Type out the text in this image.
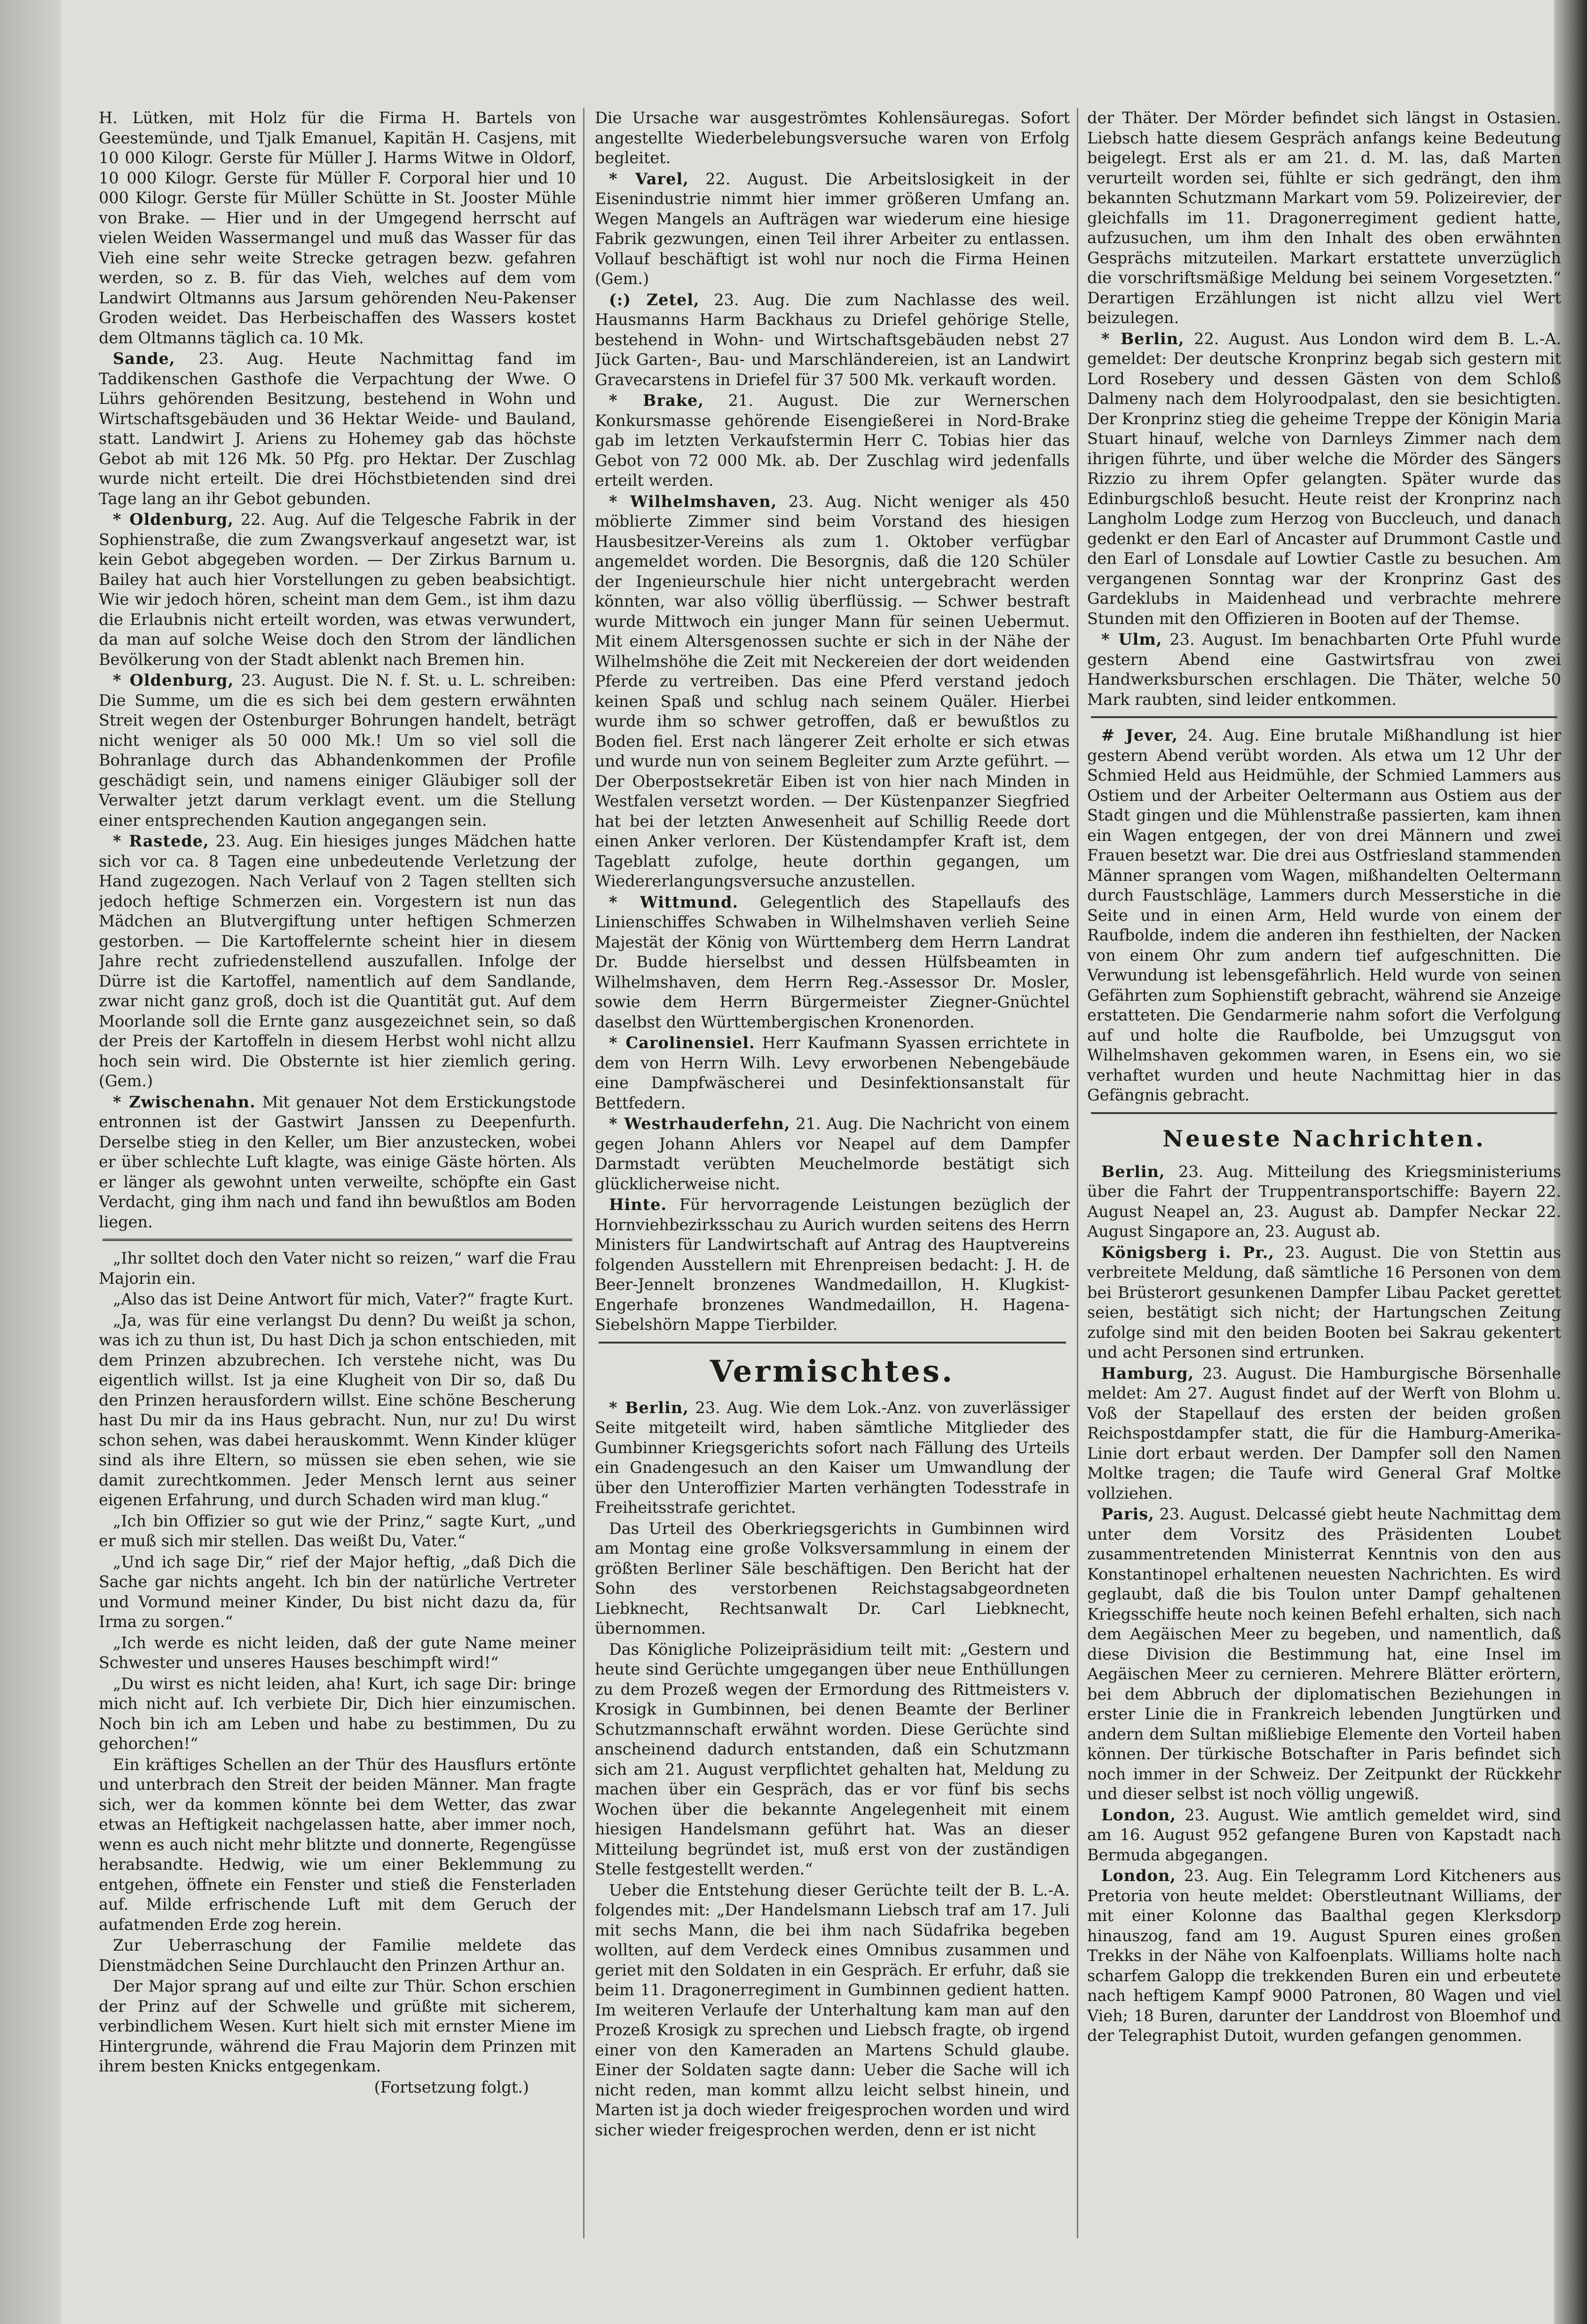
H. Lütken, mit Holz für die Firma H. Bartels von Geestemünde, und Tjalk Emanuel, Kapitän H. Casjens, mit 10 000 Kilogr. Gerste für Müller J. Harms Witwe in Oldorf, 10 000 Kilogr. Gerste für Müller F. Corporal hier und 10 000 Kilogr. Gerste für Müller Schütte in St. Jooster Mühle von Brake. — Hier und in der Umgegend herrscht auf vielen Weiden Wassermangel und muß das Wasser für das Vieh eine sehr weite Strecke getragen bezw. gefahren werden, so z. B. für das Vieh, welches auf dem vom Landwirt Oltmanns aus Jarsum gehörenden Neu-Pakenser Groden weidet. Das Herbeischaffen des Wassers kostet dem Oltmanns täglich ca. 10 Mk.

Sande, 23. Aug. Heute Nachmittag fand im Taddikenschen Gasthofe die Verpachtung der Wwe. O Lührs gehörenden Besitzung, bestehend in Wohn und Wirtschaftsgebäuden und 36 Hektar Weide- und Bauland, statt. Landwirt J. Ariens zu Hohemey gab das höchste Gebot ab mit 126 Mk. 50 Pfg. pro Hektar. Der Zuschlag wurde nicht erteilt. Die drei Höchstbietenden sind drei Tage lang an ihr Gebot gebunden.

* Oldenburg, 22. Aug. Auf die Telgesche Fabrik in der Sophienstraße, die zum Zwangsverkauf angesetzt war, ist kein Gebot abgegeben worden. — Der Zirkus Barnum u. Bailey hat auch hier Vorstellungen zu geben beabsichtigt. Wie wir jedoch hören, scheint man dem Gem., ist ihm dazu die Erlaubnis nicht erteilt worden, was etwas verwundert, da man auf solche Weise doch den Strom der ländlichen Bevölkerung von der Stadt ablenkt nach Bremen hin.

* Oldenburg, 23. August. Die N. f. St. u. L. schreiben: Die Summe, um die es sich bei dem gestern erwähnten Streit wegen der Ostenburger Bohrungen handelt, beträgt nicht weniger als 50 000 Mk.! Um so viel soll die Bohranlage durch das Abhandenkommen der Profile geschädigt sein, und namens einiger Gläubiger soll der Verwalter jetzt darum verklagt event. um die Stellung einer entsprechenden Kaution angegangen sein.

* Rastede, 23. Aug. Ein hiesiges junges Mädchen hatte sich vor ca. 8 Tagen eine unbedeutende Verletzung der Hand zugezogen. Nach Verlauf von 2 Tagen stellten sich jedoch heftige Schmerzen ein. Vorgestern ist nun das Mädchen an Blutvergiftung unter heftigen Schmerzen gestorben. — Die Kartoffelernte scheint hier in diesem Jahre recht zufriedenstellend auszufallen. Infolge der Dürre ist die Kartoffel, namentlich auf dem Sandlande, zwar nicht ganz groß, doch ist die Quantität gut. Auf dem Moorlande soll die Ernte ganz ausgezeichnet sein, so daß der Preis der Kartoffeln in diesem Herbst wohl nicht allzu hoch sein wird. Die Obsternte ist hier ziemlich gering. (Gem.)

* Zwischenahn. Mit genauer Not dem Erstickungstode entronnen ist der Gastwirt Janssen zu Deepenfurth. Derselbe stieg in den Keller, um Bier anzustecken, wobei er über schlechte Luft klagte, was einige Gäste hörten. Als er länger als gewohnt unten verweilte, schöpfte ein Gast Verdacht, ging ihm nach und fand ihn bewußtlos am Boden liegen.

„Ihr solltet doch den Vater nicht so reizen,“ warf die Frau Majorin ein.

„Also das ist Deine Antwort für mich, Vater?“ fragte Kurt.

„Ja, was für eine verlangst Du denn? Du weißt ja schon, was ich zu thun ist, Du hast Dich ja schon entschieden, mit dem Prinzen abzubrechen. Ich verstehe nicht, was Du eigentlich willst. Ist ja eine Klugheit von Dir so, daß Du den Prinzen herausfordern willst. Eine schöne Bescherung hast Du mir da ins Haus gebracht. Nun, nur zu! Du wirst schon sehen, was dabei herauskommt. Wenn Kinder klüger sind als ihre Eltern, so müssen sie eben sehen, wie sie damit zurechtkommen. Jeder Mensch lernt aus seiner eigenen Erfahrung, und durch Schaden wird man klug.“

„Ich bin Offizier so gut wie der Prinz,“ sagte Kurt, „und er muß sich mir stellen. Das weißt Du, Vater.“

„Und ich sage Dir,“ rief der Major heftig, „daß Dich die Sache gar nichts angeht. Ich bin der natürliche Vertreter und Vormund meiner Kinder, Du bist nicht dazu da, für Irma zu sorgen.“

„Ich werde es nicht leiden, daß der gute Name meiner Schwester und unseres Hauses beschimpft wird!“

„Du wirst es nicht leiden, aha! Kurt, ich sage Dir: bringe mich nicht auf. Ich verbiete Dir, Dich hier einzumischen. Noch bin ich am Leben und habe zu bestimmen, Du zu gehorchen!“

Ein kräftiges Schellen an der Thür des Hausflurs ertönte und unterbrach den Streit der beiden Männer. Man fragte sich, wer da kommen könnte bei dem Wetter, das zwar etwas an Heftigkeit nachgelassen hatte, aber immer noch, wenn es auch nicht mehr blitzte und donnerte, Regengüsse herabsandte. Hedwig, wie um einer Beklemmung zu entgehen, öffnete ein Fenster und stieß die Fensterladen auf. Milde erfrischende Luft mit dem Geruch der aufatmenden Erde zog herein.

Zur Ueberraschung der Familie meldete das Dienstmädchen Seine Durchlaucht den Prinzen Arthur an.

Der Major sprang auf und eilte zur Thür. Schon erschien der Prinz auf der Schwelle und grüßte mit sicherem, verbindlichem Wesen. Kurt hielt sich mit ernster Miene im Hintergrunde, während die Frau Majorin dem Prinzen mit ihrem besten Knicks entgegenkam.

(Fortsetzung folgt.)

Die Ursache war ausgeströmtes Kohlensäuregas. Sofort angestellte Wiederbelebungsversuche waren von Erfolg begleitet.

* Varel, 22. August. Die Arbeitslosigkeit in der Eisenindustrie nimmt hier immer größeren Umfang an. Wegen Mangels an Aufträgen war wiederum eine hiesige Fabrik gezwungen, einen Teil ihrer Arbeiter zu entlassen. Vollauf beschäftigt ist wohl nur noch die Firma Heinen (Gem.)

(:) Zetel, 23. Aug. Die zum Nachlasse des weil. Hausmanns Harm Backhaus zu Driefel gehörige Stelle, bestehend in Wohn- und Wirtschaftsgebäuden nebst 27 Jück Garten-, Bau- und Marschländereien, ist an Landwirt Gravecarstens in Driefel für 37 500 Mk. verkauft worden.

* Brake, 21. August. Die zur Wernerschen Konkursmasse gehörende Eisengießerei in Nord-Brake gab im letzten Verkaufstermin Herr C. Tobias hier das Gebot von 72 000 Mk. ab. Der Zuschlag wird jedenfalls erteilt werden.

* Wilhelmshaven, 23. Aug. Nicht weniger als 450 möblierte Zimmer sind beim Vorstand des hiesigen Hausbesitzer-Vereins als zum 1. Oktober verfügbar angemeldet worden. Die Besorgnis, daß die 120 Schüler der Ingenieurschule hier nicht untergebracht werden könnten, war also völlig überflüssig. — Schwer bestraft wurde Mittwoch ein junger Mann für seinen Uebermut. Mit einem Altersgenossen suchte er sich in der Nähe der Wilhelmshöhe die Zeit mit Neckereien der dort weidenden Pferde zu vertreiben. Das eine Pferd verstand jedoch keinen Spaß und schlug nach seinem Quäler. Hierbei wurde ihm so schwer getroffen, daß er bewußtlos zu Boden fiel. Erst nach längerer Zeit erholte er sich etwas und wurde nun von seinem Begleiter zum Arzte geführt. — Der Oberpostsekretär Eiben ist von hier nach Minden in Westfalen versetzt worden. — Der Küstenpanzer Siegfried hat bei der letzten Anwesenheit auf Schillig Reede dort einen Anker verloren. Der Küstendampfer Kraft ist, dem Tageblatt zufolge, heute dorthin gegangen, um Wiedererlangungsversuche anzustellen.

* Wittmund. Gelegentlich des Stapellaufs des Linienschiffes Schwaben in Wilhelmshaven verlieh Seine Majestät der König von Württemberg dem Herrn Landrat Dr. Budde hierselbst und dessen Hülfsbeamten in Wilhelmshaven, dem Herrn Reg.-Assessor Dr. Mosler, sowie dem Herrn Bürgermeister Ziegner-Gnüchtel daselbst den Württembergischen Kronenorden.

* Carolinensiel. Herr Kaufmann Syassen errichtete in dem von Herrn Wilh. Levy erworbenen Nebengebäude eine Dampfwäscherei und Desinfektionsanstalt für Bettfedern.

* Westrhauderfehn, 21. Aug. Die Nachricht von einem gegen Johann Ahlers vor Neapel auf dem Dampfer Darmstadt verübten Meuchelmorde bestätigt sich glücklicherweise nicht.

Hinte. Für hervorragende Leistungen bezüglich der Hornviehbezirksschau zu Aurich wurden seitens des Herrn Ministers für Landwirtschaft auf Antrag des Hauptvereins folgenden Ausstellern mit Ehrenpreisen bedacht: J. H. de Beer-Jennelt bronzenes Wandmedaillon, H. Klugkist-Engerhafe bronzenes Wandmedaillon, H. Hagena-Siebelshörn Mappe Tierbilder.

Vermischtes.

* Berlin, 23. Aug. Wie dem Lok.-Anz. von zuverlässiger Seite mitgeteilt wird, haben sämtliche Mitglieder des Gumbinner Kriegsgerichts sofort nach Fällung des Urteils ein Gnadengesuch an den Kaiser um Umwandlung der über den Unteroffizier Marten verhängten Todesstrafe in Freiheitsstrafe gerichtet.

Das Urteil des Oberkriegsgerichts in Gumbinnen wird am Montag eine große Volksversammlung in einem der größten Berliner Säle beschäftigen. Den Bericht hat der Sohn des verstorbenen Reichstagsabgeordneten Liebknecht, Rechtsanwalt Dr. Carl Liebknecht, übernommen.

Das Königliche Polizeipräsidium teilt mit: „Gestern und heute sind Gerüchte umgegangen über neue Enthüllungen zu dem Prozeß wegen der Ermordung des Rittmeisters v. Krosigk in Gumbinnen, bei denen Beamte der Berliner Schutzmannschaft erwähnt worden. Diese Gerüchte sind anscheinend dadurch entstanden, daß ein Schutzmann sich am 21. August verpflichtet gehalten hat, Meldung zu machen über ein Gespräch, das er vor fünf bis sechs Wochen über die bekannte Angelegenheit mit einem hiesigen Handelsmann geführt hat. Was an dieser Mitteilung begründet ist, muß erst von der zuständigen Stelle festgestellt werden.“

Ueber die Entstehung dieser Gerüchte teilt der B. L.-A. folgendes mit: „Der Handelsmann Liebsch traf am 17. Juli mit sechs Mann, die bei ihm nach Südafrika begeben wollten, auf dem Verdeck eines Omnibus zusammen und geriet mit den Soldaten in ein Gespräch. Er erfuhr, daß sie beim 11. Dragonerregiment in Gumbinnen gedient hatten. Im weiteren Verlaufe der Unterhaltung kam man auf den Prozeß Krosigk zu sprechen und Liebsch fragte, ob irgend einer von den Kameraden an Martens Schuld glaube. Einer der Soldaten sagte dann: Ueber die Sache will ich nicht reden, man kommt allzu leicht selbst hinein, und Marten ist ja doch wieder freigesprochen worden und wird sicher wieder freigesprochen werden, denn er ist nicht

der Thäter. Der Mörder befindet sich längst in Ostasien. Liebsch hatte diesem Gespräch anfangs keine Bedeutung beigelegt. Erst als er am 21. d. M. las, daß Marten verurteilt worden sei, fühlte er sich gedrängt, den ihm bekannten Schutzmann Markart vom 59. Polizeirevier, der gleichfalls im 11. Dragonerregiment gedient hatte, aufzusuchen, um ihm den Inhalt des oben erwähnten Gesprächs mitzuteilen. Markart erstattete unverzüglich die vorschriftsmäßige Meldung bei seinem Vorgesetzten.“ Derartigen Erzählungen ist nicht allzu viel Wert beizulegen.

* Berlin, 22. August. Aus London wird dem B. L.-A. gemeldet: Der deutsche Kronprinz begab sich gestern mit Lord Rosebery und dessen Gästen von dem Schloß Dalmeny nach dem Holyroodpalast, den sie besichtigten. Der Kronprinz stieg die geheime Treppe der Königin Maria Stuart hinauf, welche von Darnleys Zimmer nach dem ihrigen führte, und über welche die Mörder des Sängers Rizzio zu ihrem Opfer gelangten. Später wurde das Edinburgschloß besucht. Heute reist der Kronprinz nach Langholm Lodge zum Herzog von Buccleuch, und danach gedenkt er den Earl of Ancaster auf Drummont Castle und den Earl of Lonsdale auf Lowtier Castle zu besuchen. Am vergangenen Sonntag war der Kronprinz Gast des Gardeklubs in Maidenhead und verbrachte mehrere Stunden mit den Offizieren in Booten auf der Themse.

* Ulm, 23. August. Im benachbarten Orte Pfuhl wurde gestern Abend eine Gastwirtsfrau von zwei Handwerksburschen erschlagen. Die Thäter, welche 50 Mark raubten, sind leider entkommen.

# Jever, 24. Aug. Eine brutale Mißhandlung ist hier gestern Abend verübt worden. Als etwa um 12 Uhr der Schmied Held aus Heidmühle, der Schmied Lammers aus Ostiem und der Arbeiter Oeltermann aus Ostiem aus der Stadt gingen und die Mühlenstraße passierten, kam ihnen ein Wagen entgegen, der von drei Männern und zwei Frauen besetzt war. Die drei aus Ostfriesland stammenden Männer sprangen vom Wagen, mißhandelten Oeltermann durch Faustschläge, Lammers durch Messerstiche in die Seite und in einen Arm, Held wurde von einem der Raufbolde, indem die anderen ihn festhielten, der Nacken von einem Ohr zum andern tief aufgeschnitten. Die Verwundung ist lebensgefährlich. Held wurde von seinen Gefährten zum Sophienstift gebracht, während sie Anzeige erstatteten. Die Gendarmerie nahm sofort die Verfolgung auf und holte die Raufbolde, bei Umzugsgut von Wilhelmshaven gekommen waren, in Esens ein, wo sie verhaftet wurden und heute Nachmittag hier in das Gefängnis gebracht.

Neueste Nachrichten.

Berlin, 23. Aug. Mitteilung des Kriegsministeriums über die Fahrt der Truppentransportschiffe: Bayern 22. August Neapel an, 23. August ab. Dampfer Neckar 22. August Singapore an, 23. August ab.

Königsberg i. Pr., 23. August. Die von Stettin aus verbreitete Meldung, daß sämtliche 16 Personen von dem bei Brüsterort gesunkenen Dampfer Libau Packet gerettet seien, bestätigt sich nicht; der Hartungschen Zeitung zufolge sind mit den beiden Booten bei Sakrau gekentert und acht Personen sind ertrunken.

Hamburg, 23. August. Die Hamburgische Börsenhalle meldet: Am 27. August findet auf der Werft von Blohm u. Voß der Stapellauf des ersten der beiden großen Reichspostdampfer statt, die für die Hamburg-Amerika-Linie dort erbaut werden. Der Dampfer soll den Namen Moltke tragen; die Taufe wird General Graf Moltke vollziehen.

Paris, 23. August. Delcassé giebt heute Nachmittag dem unter dem Vorsitz des Präsidenten Loubet zusammentretenden Ministerrat Kenntnis von den aus Konstantinopel erhaltenen neuesten Nachrichten. Es wird geglaubt, daß die bis Toulon unter Dampf gehaltenen Kriegsschiffe heute noch keinen Befehl erhalten, sich nach dem Aegäischen Meer zu begeben, und namentlich, daß diese Division die Bestimmung hat, eine Insel im Aegäischen Meer zu cernieren. Mehrere Blätter erörtern, bei dem Abbruch der diplomatischen Beziehungen in erster Linie die in Frankreich lebenden Jungtürken und andern dem Sultan mißliebige Elemente den Vorteil haben können. Der türkische Botschafter in Paris befindet sich noch immer in der Schweiz. Der Zeitpunkt der Rückkehr und dieser selbst ist noch völlig ungewiß.

London, 23. August. Wie amtlich gemeldet wird, sind am 16. August 952 gefangene Buren von Kapstadt nach Bermuda abgegangen.

London, 23. Aug. Ein Telegramm Lord Kitcheners aus Pretoria von heute meldet: Oberstleutnant Williams, der mit einer Kolonne das Baalthal gegen Klerksdorp hinauszog, fand am 19. August Spuren eines großen Trekks in der Nähe von Kalfoenplats. Williams holte nach scharfem Galopp die trekkenden Buren ein und erbeutete nach heftigem Kampf 9000 Patronen, 80 Wagen und viel Vieh; 18 Buren, darunter der Landdrost von Bloemhof und der Telegraphist Dutoit, wurden gefangen genommen.
